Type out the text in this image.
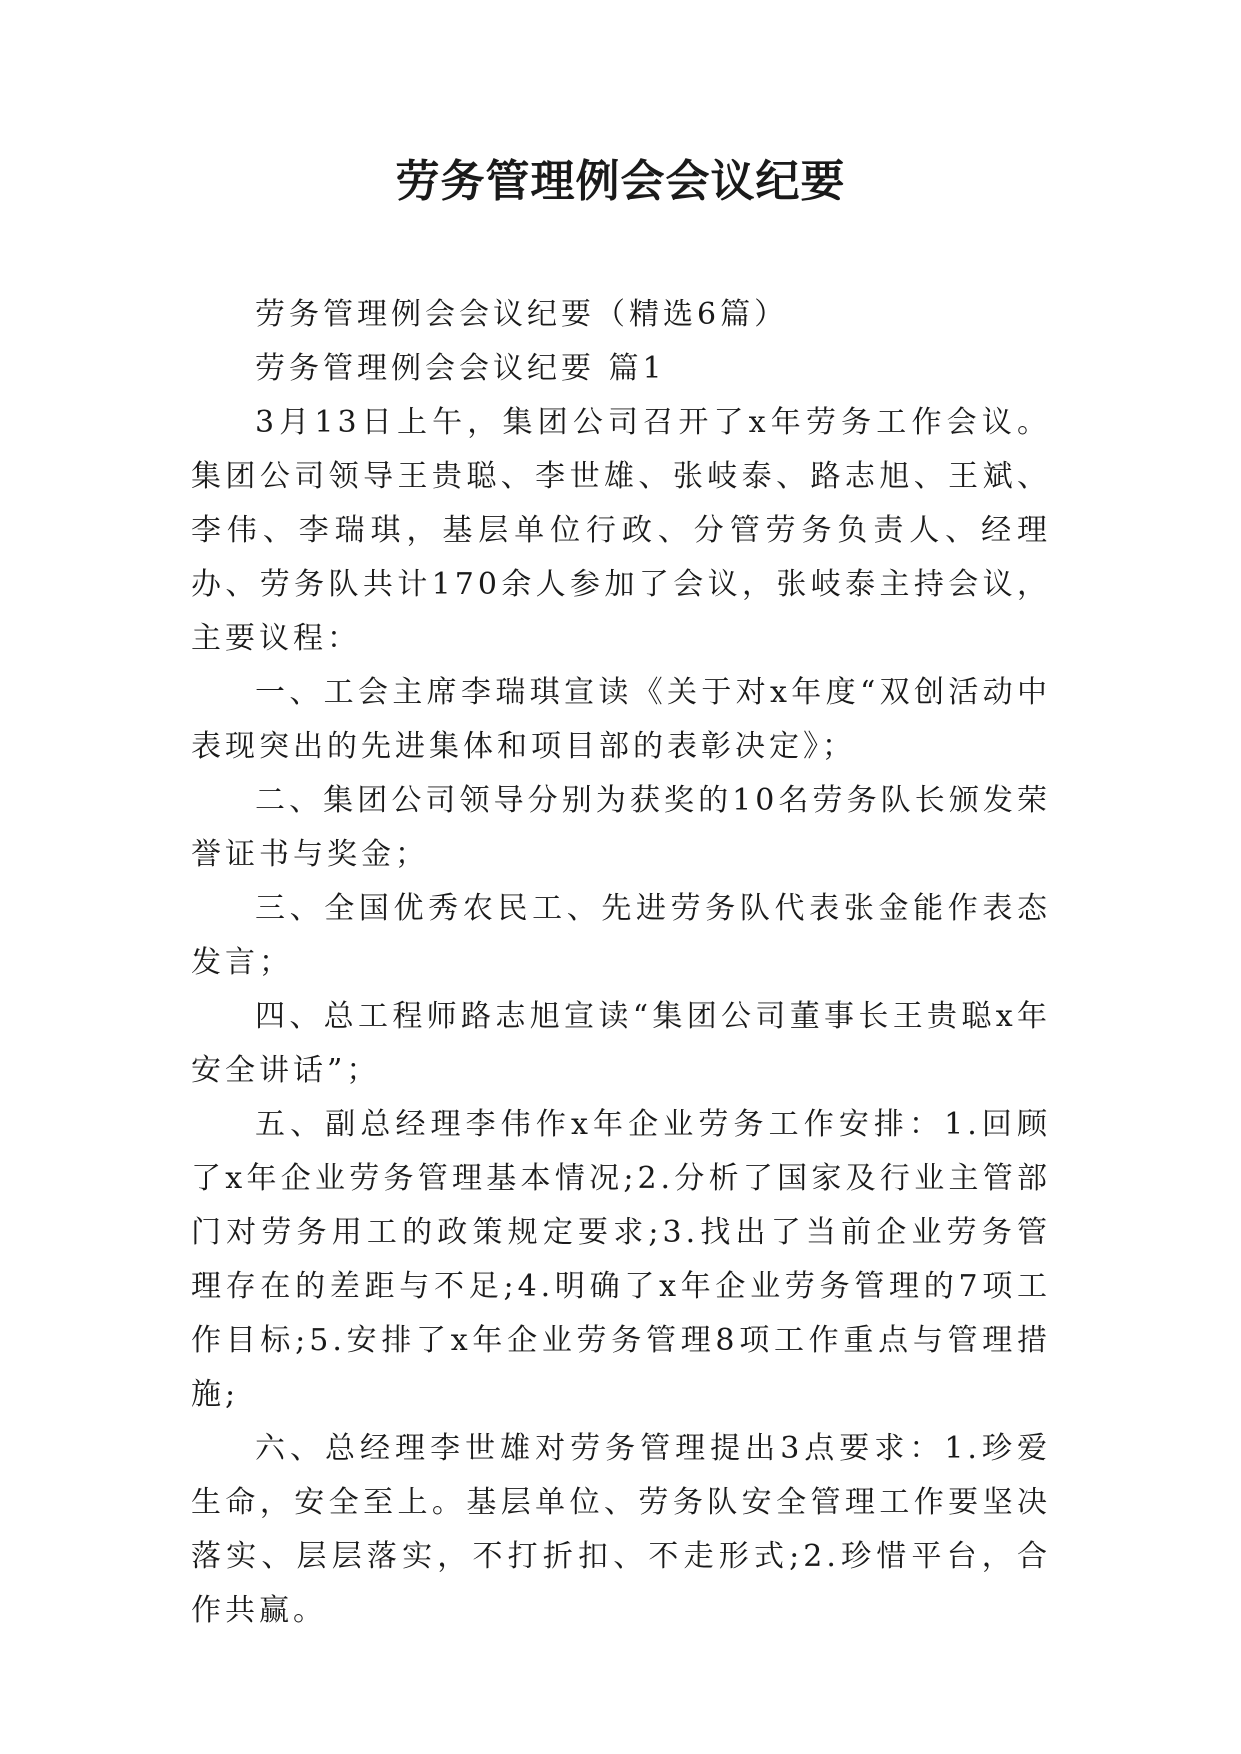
劳务管理例会会议纪要

劳务管理例会会议纪要（精选6篇）

劳务管理例会会议纪要 篇1

3月13日上午，集团公司召开了x年劳务工作会议。集团公司领导王贵聪、李世雄、张岐泰、路志旭、王斌、李伟、李瑞琪，基层单位行政、分管劳务负责人、经理办、劳务队共计170余人参加了会议，张岐泰主持会议，主要议程：

一、工会主席李瑞琪宣读《关于对x年度“双创活动中表现突出的先进集体和项目部的表彰决定》；

二、集团公司领导分别为获奖的10名劳务队长颁发荣誉证书与奖金；

三、全国优秀农民工、先进劳务队代表张金能作表态发言；

四、总工程师路志旭宣读“集团公司董事长王贵聪x年安全讲话”；

五、副总经理李伟作x年企业劳务工作安排：1.回顾了x年企业劳务管理基本情况;2.分析了国家及行业主管部门对劳务用工的政策规定要求;3.找出了当前企业劳务管理存在的差距与不足;4.明确了x年企业劳务管理的7项工作目标;5.安排了x年企业劳务管理8项工作重点与管理措施;

六、总经理李世雄对劳务管理提出3点要求：1.珍爱生命，安全至上。基层单位、劳务队安全管理工作要坚决落实、层层落实，不打折扣、不走形式;2.珍惜平台，合作共赢。
